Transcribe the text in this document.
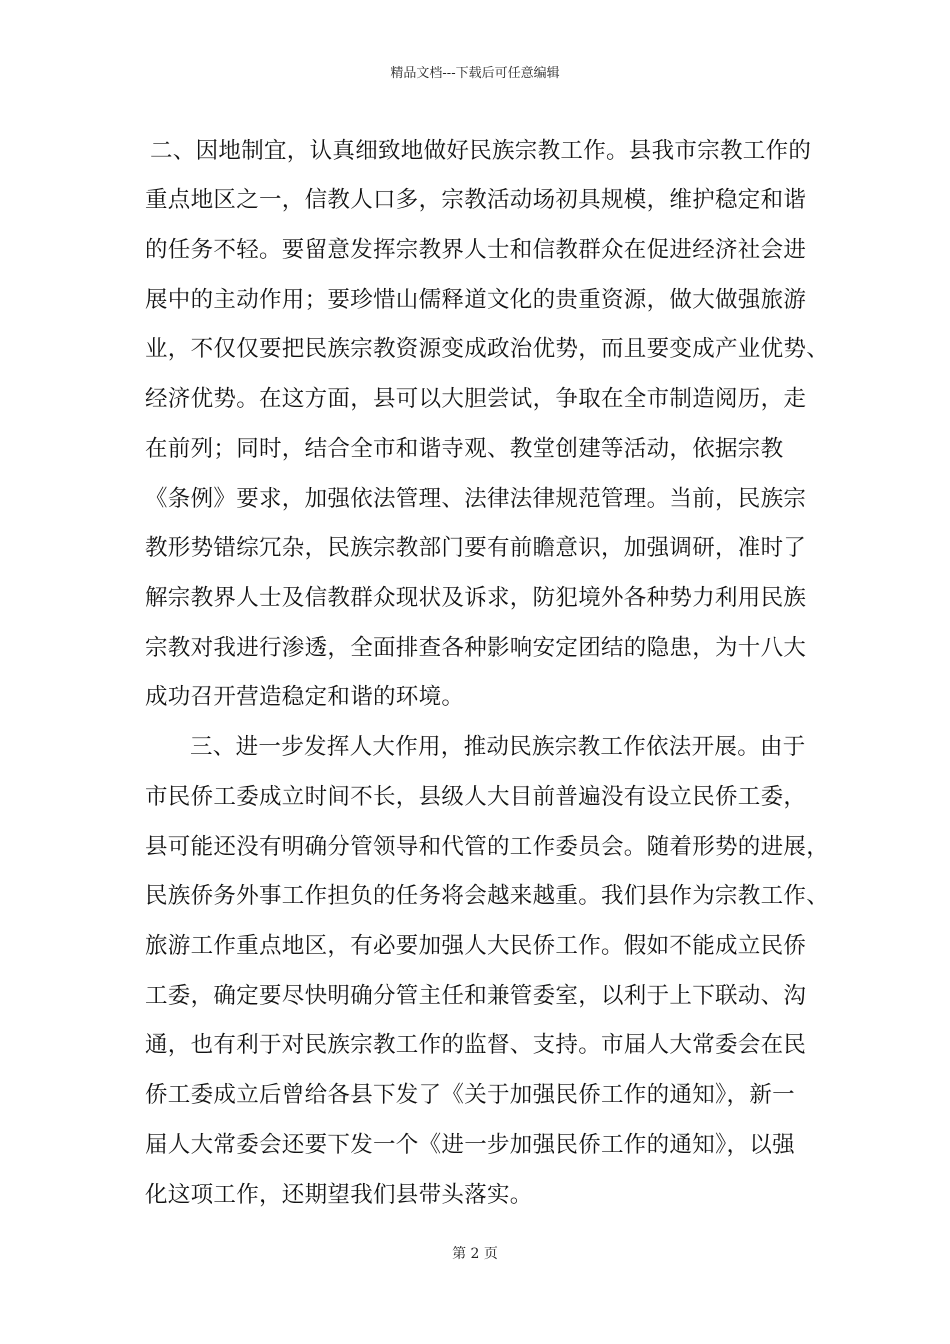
精品文档---下载后可任意编辑
二、因地制宜，认真细致地做好民族宗教工作。县我市宗教工作的
重点地区之一，信教人口多，宗教活动场初具规模，维护稳定和谐
的任务不轻。要留意发挥宗教界人士和信教群众在促进经济社会进
展中的主动作用；要珍惜山儒释道文化的贵重资源，做大做强旅游
业，不仅仅要把民族宗教资源变成政治优势，而且要变成产业优势、
经济优势。在这方面，县可以大胆尝试，争取在全市制造阅历，走
在前列；同时，结合全市和谐寺观、教堂创建等活动，依据宗教
《条例》要求，加强依法管理、法律法律规范管理。当前，民族宗
教形势错综冗杂，民族宗教部门要有前瞻意识，加强调研，准时了
解宗教界人士及信教群众现状及诉求，防犯境外各种势力利用民族
宗教对我进行渗透，全面排查各种影响安定团结的隐患，为十八大
成功召开营造稳定和谐的环境。
三、进一步发挥人大作用，推动民族宗教工作依法开展。由于
市民侨工委成立时间不长，县级人大目前普遍没有设立民侨工委，
县可能还没有明确分管领导和代管的工作委员会。随着形势的进展，
民族侨务外事工作担负的任务将会越来越重。我们县作为宗教工作、
旅游工作重点地区，有必要加强人大民侨工作。假如不能成立民侨
工委，确定要尽快明确分管主任和兼管委室，以利于上下联动、沟
通，也有利于对民族宗教工作的监督、支持。市届人大常委会在民
侨工委成立后曾给各县下发了《关于加强民侨工作的通知》，新一
届人大常委会还要下发一个《进一步加强民侨工作的通知》，以强
化这项工作，还期望我们县带头落实。
第 2 页
